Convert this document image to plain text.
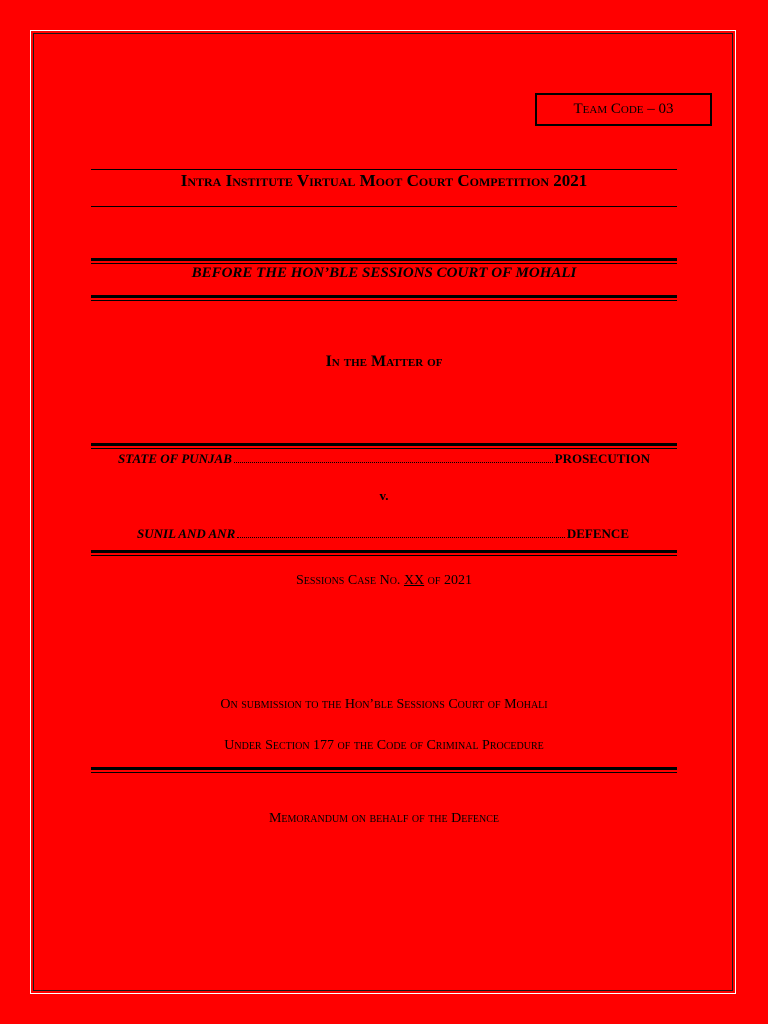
Team Code – 03
Intra Institute Virtual Moot Court Competition 2021
BEFORE THE HON’BLE SESSIONS COURT OF MOHALI
In the Matter of
STATE OF PUNJAB	PROSECUTION
v.
SUNIL AND ANR	DEFENCE
Sessions Case No. XX of 2021
On submission to the Hon’ble Sessions Court of Mohali
Under Section 177 of the Code of Criminal Procedure
Memorandum on behalf of the Defence
